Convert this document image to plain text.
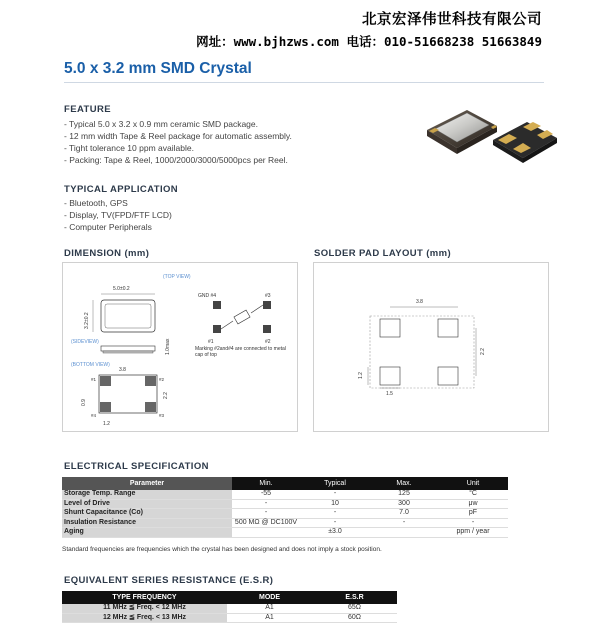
北京宏泽伟世科技有限公司
网址：www.bjhzws.com 电话：010-51668238 51663849
5.0 x 3.2 mm SMD Crystal
FEATURE
- Typical 5.0 x 3.2 x 0.9 mm ceramic SMD package.
- 12 mm width Tape & Reel package for automatic assembly.
- Tight tolerance 10 ppm available.
- Packing: Tape & Reel, 1000/2000/3000/5000pcs per Reel.
TYPICAL APPLICATION
- Bluetooth, GPS
- Display, TV(FPD/FTF LCD)
- Computer Peripherals
DIMENSION (mm)	SOLDER PAD LAYOUT (mm)
(TOP VIEW)
5.0±0.2
3.2±0.2
(SIDEVIEW)	1.0max
(BOTTOM VIEW)
3.8
#1	#2
#4	#3
2.2
0.9
1.2
GND #4	#3
#1	#2
Marking #2and#4 are connected to metal cap of top
3.8
2.2
1.2
1.5
ELECTRICAL SPECIFICATION
Parameter	Min.	Typical	Max.	Unit
Storage Temp. Range	-55	-	125	°C
Level of Drive	-	10	300	μw
Shunt Capacitance (Co)	-	-	7.0	pF
Insulation Resistance	500 MΩ @ DC100V	-	-	-
Aging		±3.0		ppm / year
Standard frequencies are frequencies which the crystal has been designed and does not imply a stock position.
EQUIVALENT SERIES RESISTANCE (E.S.R)
TYPE FREQUENCY	MODE	E.S.R
11 MHz ≦ Freq. < 12 MHz	A1	65Ω
12 MHz ≦ Freq. < 13 MHz	A1	60Ω
